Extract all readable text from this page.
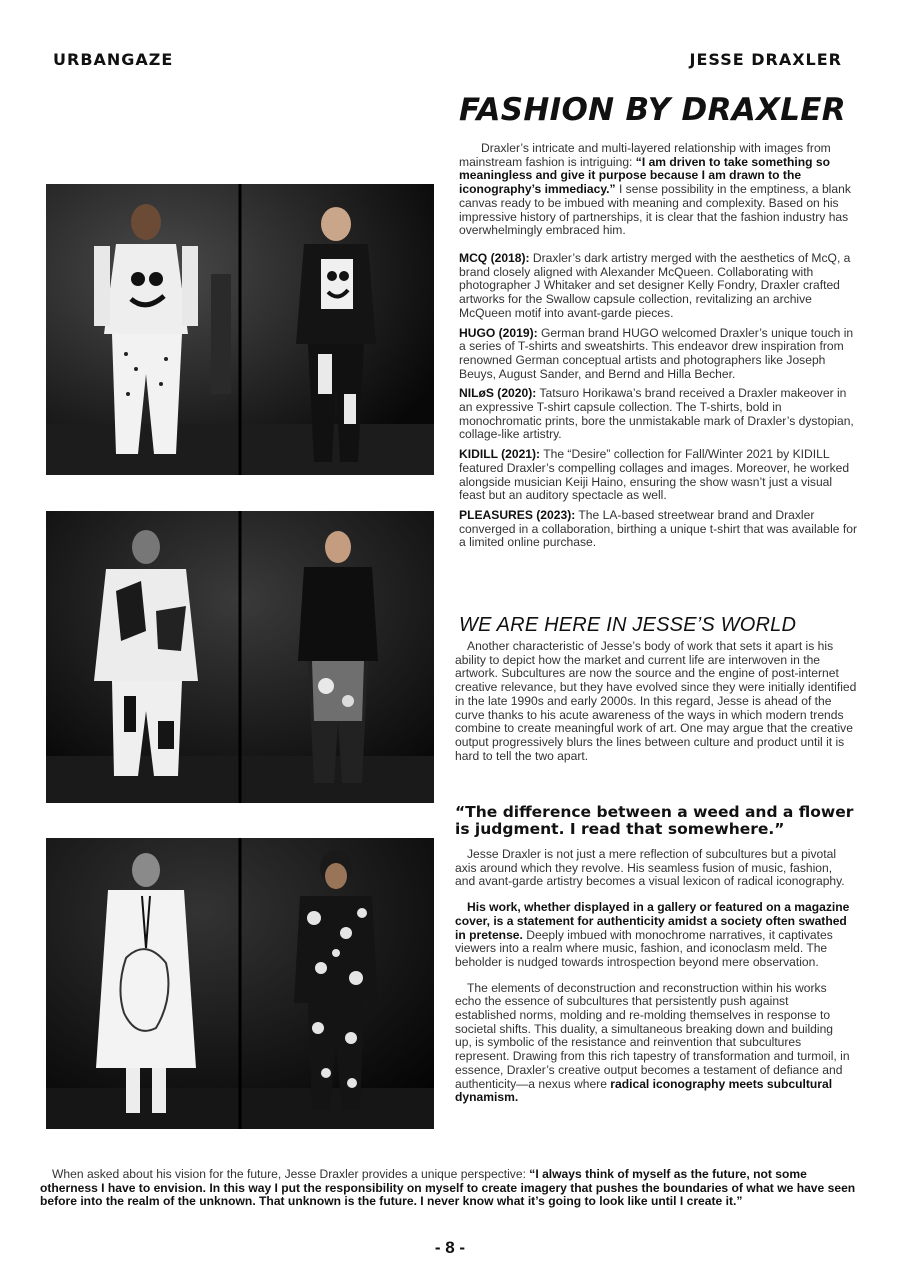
URBANGAZE	JESSE DRAXLER
FASHION BY DRAXLER

Draxler’s intricate and multi-layered relationship with images from mainstream fashion is intriguing: “I am driven to take something so meaningless and give it purpose because I am drawn to the iconography’s immediacy.” I sense possibility in the emptiness, a blank canvas ready to be imbued with meaning and complexity. Based on his impressive history of partnerships, it is clear that the fashion industry has overwhelmingly embraced him.

MCQ (2018): Draxler’s dark artistry merged with the aesthetics of McQ, a brand closely aligned with Alexander McQueen. Collaborating with photographer J Whitaker and set designer Kelly Fondry, Draxler crafted artworks for the Swallow capsule collection, revitalizing an archive McQueen motif into avant-garde pieces.

HUGO (2019): German brand HUGO welcomed Draxler’s unique touch in a series of T-shirts and sweatshirts. This endeavor drew inspiration from renowned German conceptual artists and photographers like Joseph Beuys, August Sander, and Bernd and Hilla Becher.

NILøS (2020): Tatsuro Horikawa’s brand received a Draxler makeover in an expressive T-shirt capsule collection. The T-shirts, bold in monochromatic prints, bore the unmistakable mark of Draxler’s dystopian, collage-like artistry.

KIDILL (2021): The “Desire” collection for Fall/Winter 2021 by KIDILL featured Draxler’s compelling collages and images. Moreover, he worked alongside musician Keiji Haino, ensuring the show wasn’t just a visual feast but an auditory spectacle as well.

PLEASURES (2023): The LA-based streetwear brand and Draxler converged in a collaboration, birthing a unique t-shirt that was available for a limited online purchase.

WE ARE HERE IN JESSE’S WORLD

Another characteristic of Jesse’s body of work that sets it apart is his ability to depict how the market and current life are interwoven in the artwork. Subcultures are now the source and the engine of post-internet creative relevance, but they have evolved since they were initially identified in the late 1990s and early 2000s. In this regard, Jesse is ahead of the curve thanks to his acute awareness of the ways in which modern trends combine to create meaningful work of art. One may argue that the creative output progressively blurs the lines between culture and product until it is hard to tell the two apart.

“The difference between a weed and a flower is judgment. I read that somewhere.”

Jesse Draxler is not just a mere reflection of subcultures but a pivotal axis around which they revolve. His seamless fusion of music, fashion, and avant-garde artistry becomes a visual lexicon of radical iconography.

His work, whether displayed in a gallery or featured on a magazine cover, is a statement for authenticity amidst a society often swathed in pretense. Deeply imbued with monochrome narratives, it captivates viewers into a realm where music, fashion, and iconoclasm meld. The beholder is nudged towards introspection beyond mere observation.

The elements of deconstruction and reconstruction within his works echo the essence of subcultures that persistently push against established norms, molding and re-molding themselves in response to societal shifts. This duality, a simultaneous breaking down and building up, is symbolic of the resistance and reinvention that subcultures represent. Drawing from this rich tapestry of transformation and turmoil, in essence, Draxler’s creative output becomes a testament of defiance and authenticity—a nexus where radical iconography meets subcultural dynamism.

When asked about his vision for the future, Jesse Draxler provides a unique perspective: “I always think of myself as the future, not some otherness I have to envision. In this way I put the responsibility on myself to create imagery that pushes the boundaries of what we have seen before into the realm of the unknown. That unknown is the future. I never know what it’s going to look like until I create it.”

- 8 -
